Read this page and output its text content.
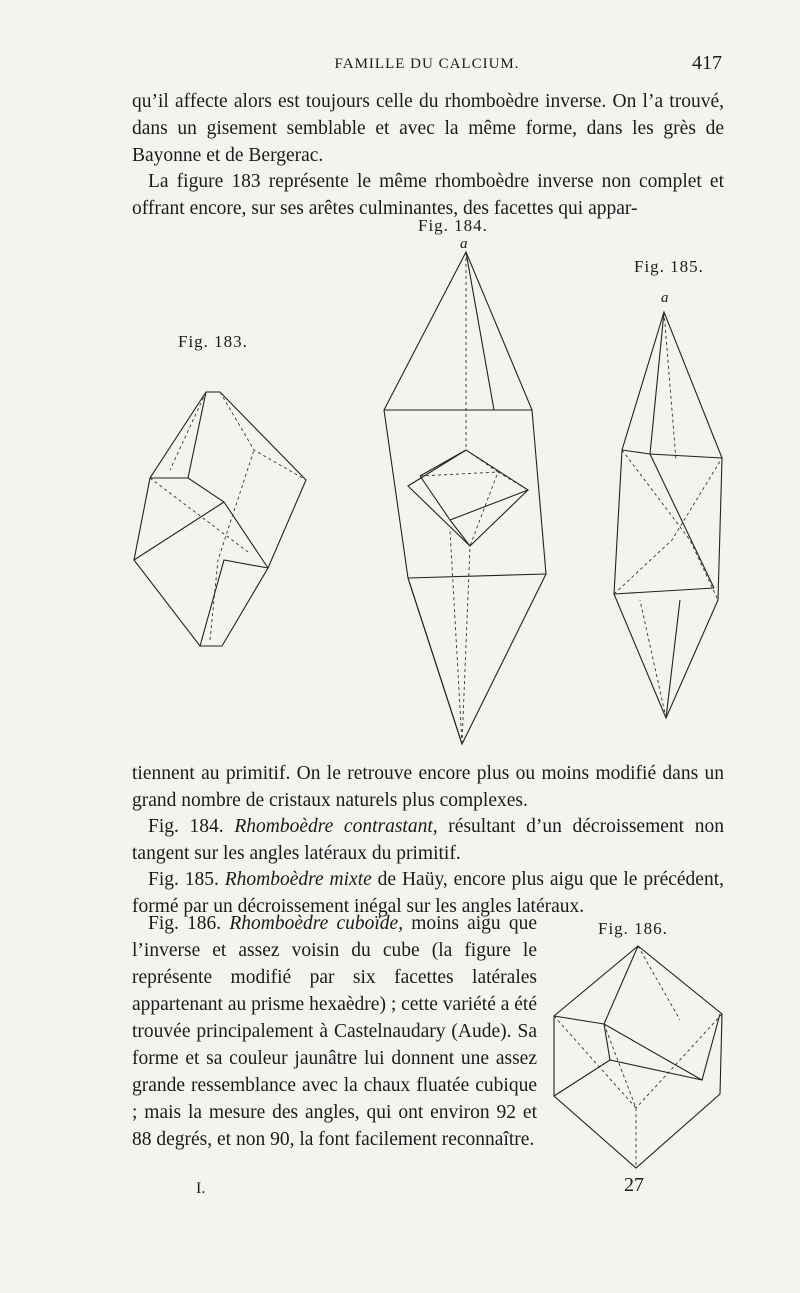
FAMILLE DU CALCIUM.	417

qu’il affecte alors est toujours celle du rhomboèdre inverse. On l’a trouvé, dans un gisement semblable et avec la même forme, dans les grès de Bayonne et de Bergerac.

La figure 183 représente le même rhomboèdre inverse non complet et offrant encore, sur ses arêtes culminantes, des facettes qui appar-

Fig. 184.
a
Fig. 185.
a
Fig. 183.
Fig. 186.

tiennent au primitif. On le retrouve encore plus ou moins modifié dans un grand nombre de cristaux naturels plus complexes.

Fig. 184. Rhomboèdre contrastant, résultant d’un décroissement non tangent sur les angles latéraux du primitif.

Fig. 185. Rhomboèdre mixte de Haüy, encore plus aigu que le précédent, formé par un décroissement inégal sur les angles latéraux.

Fig. 186. Rhomboèdre cuboïde, moins aigu que l’inverse et assez voisin du cube (la figure le représente modifié par six facettes latérales appartenant au prisme hexaèdre) ; cette variété a été trouvée principalement à Castelnaudary (Aude). Sa forme et sa couleur jaunâtre lui donnent une assez grande ressemblance avec la chaux fluatée cubique ; mais la mesure des angles, qui ont environ 92 et 88 degrés, et non 90, la font facilement reconnaître.

I.	27
